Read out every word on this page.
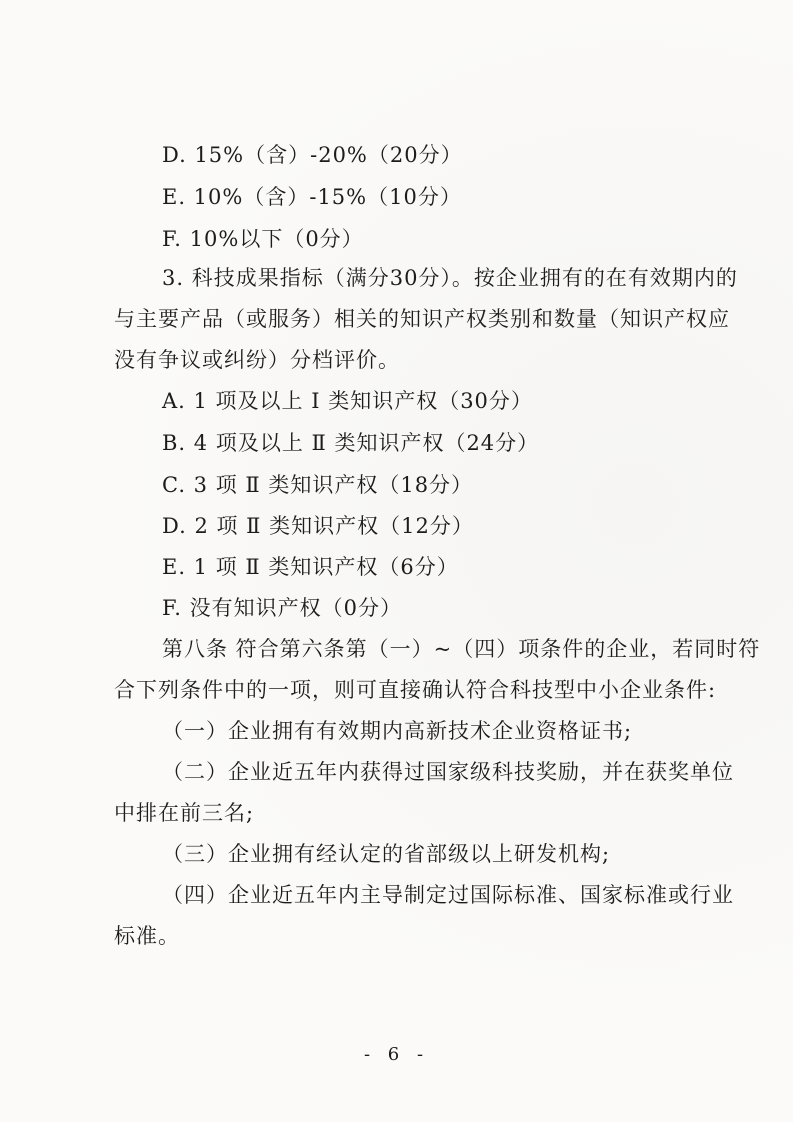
D. 15%（含）-20%（20分）
E. 10%（含）-15%（10分）
F. 10%以下（0分）
3. 科技成果指标（满分30分）。按企业拥有的在有效期内的
与主要产品（或服务）相关的知识产权类别和数量（知识产权应
没有争议或纠纷）分档评价。
A. 1 项及以上 Ⅰ 类知识产权（30分）
B. 4 项及以上 Ⅱ 类知识产权（24分）
C. 3 项 Ⅱ 类知识产权（18分）
D. 2 项 Ⅱ 类知识产权（12分）
E. 1 项 Ⅱ 类知识产权（6分）
F. 没有知识产权（0分）
第八条 符合第六条第（一）~（四）项条件的企业，若同时符
合下列条件中的一项，则可直接确认符合科技型中小企业条件:
（一）企业拥有有效期内高新技术企业资格证书;
（二）企业近五年内获得过国家级科技奖励，并在获奖单位
中排在前三名;
（三）企业拥有经认定的省部级以上研发机构;
（四）企业近五年内主导制定过国际标准、国家标准或行业
标准。
- 6 -
